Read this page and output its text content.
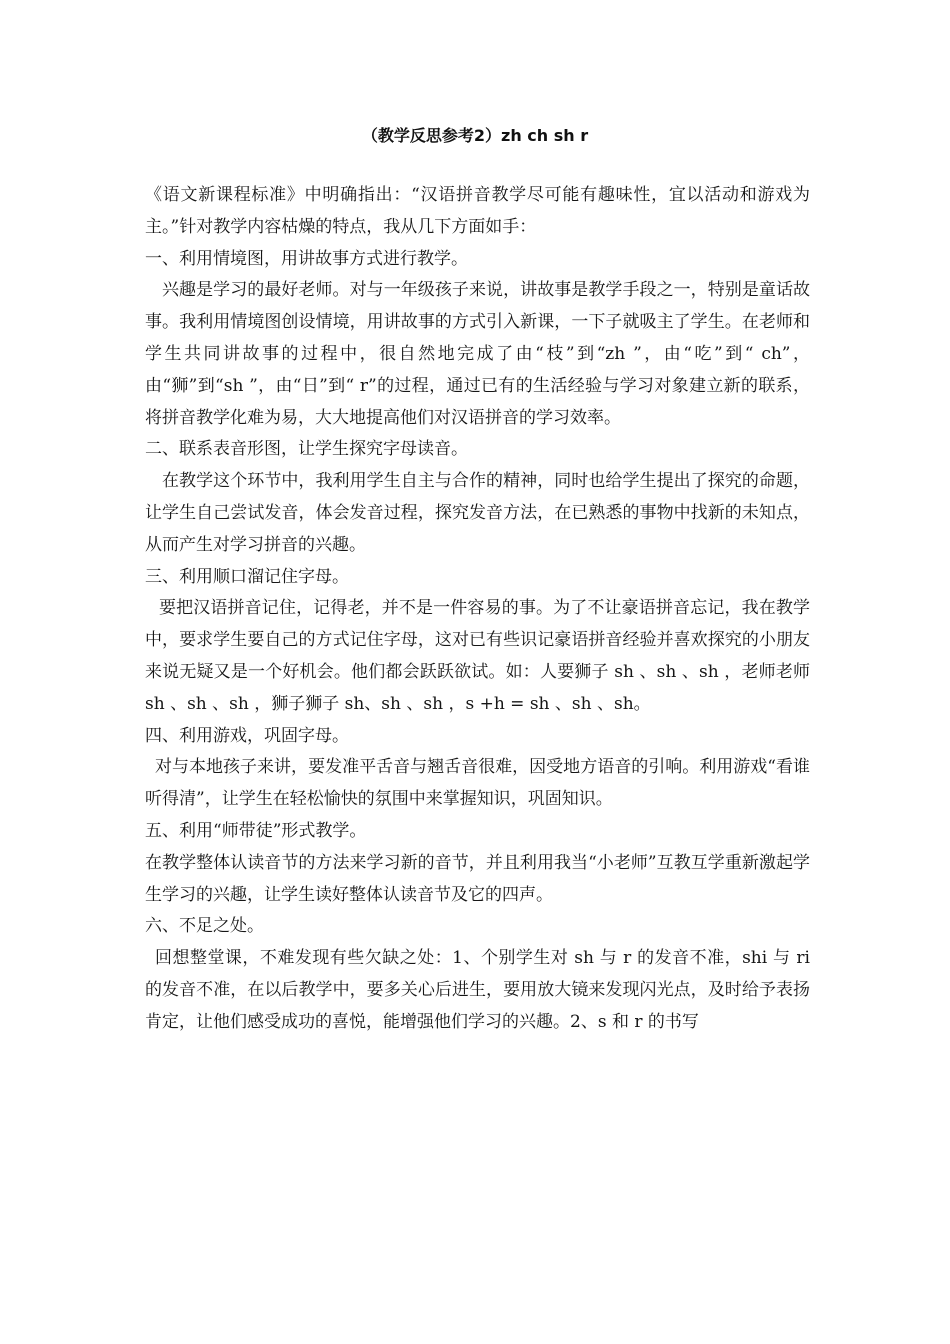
（教学反思参考2）zh ch sh r

《语文新课程标准》中明确指出：“汉语拼音教学尽可能有趣味性，宜以活动和游戏为主。”针对教学内容枯燥的特点，我从几下方面如手：

一、利用情境图，用讲故事方式进行教学。

兴趣是学习的最好老师。对与一年级孩子来说，讲故事是教学手段之一，特别是童话故事。我利用情境图创设情境，用讲故事的方式引入新课，一下子就吸主了学生。在老师和学生共同讲故事的过程中，很自然地完成了由“枝”到“zh ”，由“吃”到“ ch”，由“狮”到“sh ”，由“日”到“ r”的过程，通过已有的生活经验与学习对象建立新的联系，将拼音教学化难为易，大大地提高他们对汉语拼音的学习效率。

二、联系表音形图，让学生探究字母读音。

在教学这个环节中，我利用学生自主与合作的精神，同时也给学生提出了探究的命题，让学生自己尝试发音，体会发音过程，探究发音方法，在已熟悉的事物中找新的未知点，从而产生对学习拼音的兴趣。

三、利用顺口溜记住字母。

要把汉语拼音记住，记得老，并不是一件容易的事。为了不让豪语拼音忘记，我在教学中，要求学生要自己的方式记住字母，这对已有些识记豪语拼音经验并喜欢探究的小朋友来说无疑又是一个好机会。他们都会跃跃欲试。如：人要狮子 sh 、sh 、sh ，老师老师 sh 、sh 、sh ，狮子狮子 sh、sh 、sh ，s +h = sh 、sh 、sh。

四、利用游戏，巩固字母。

对与本地孩子来讲，要发准平舌音与翘舌音很难，因受地方语音的引响。利用游戏“看谁听得清”，让学生在轻松愉快的氛围中来掌握知识，巩固知识。

五、利用“师带徒”形式教学。

在教学整体认读音节的方法来学习新的音节，并且利用我当“小老师”互教互学重新激起学生学习的兴趣，让学生读好整体认读音节及它的四声。

六、不足之处。

回想整堂课，不难发现有些欠缺之处：1、个别学生对 sh 与 r 的发音不准，shi 与 ri 的发音不准，在以后教学中，要多关心后进生，要用放大镜来发现闪光点，及时给予表扬肯定，让他们感受成功的喜悦，能增强他们学习的兴趣。2、s 和 r 的书写
